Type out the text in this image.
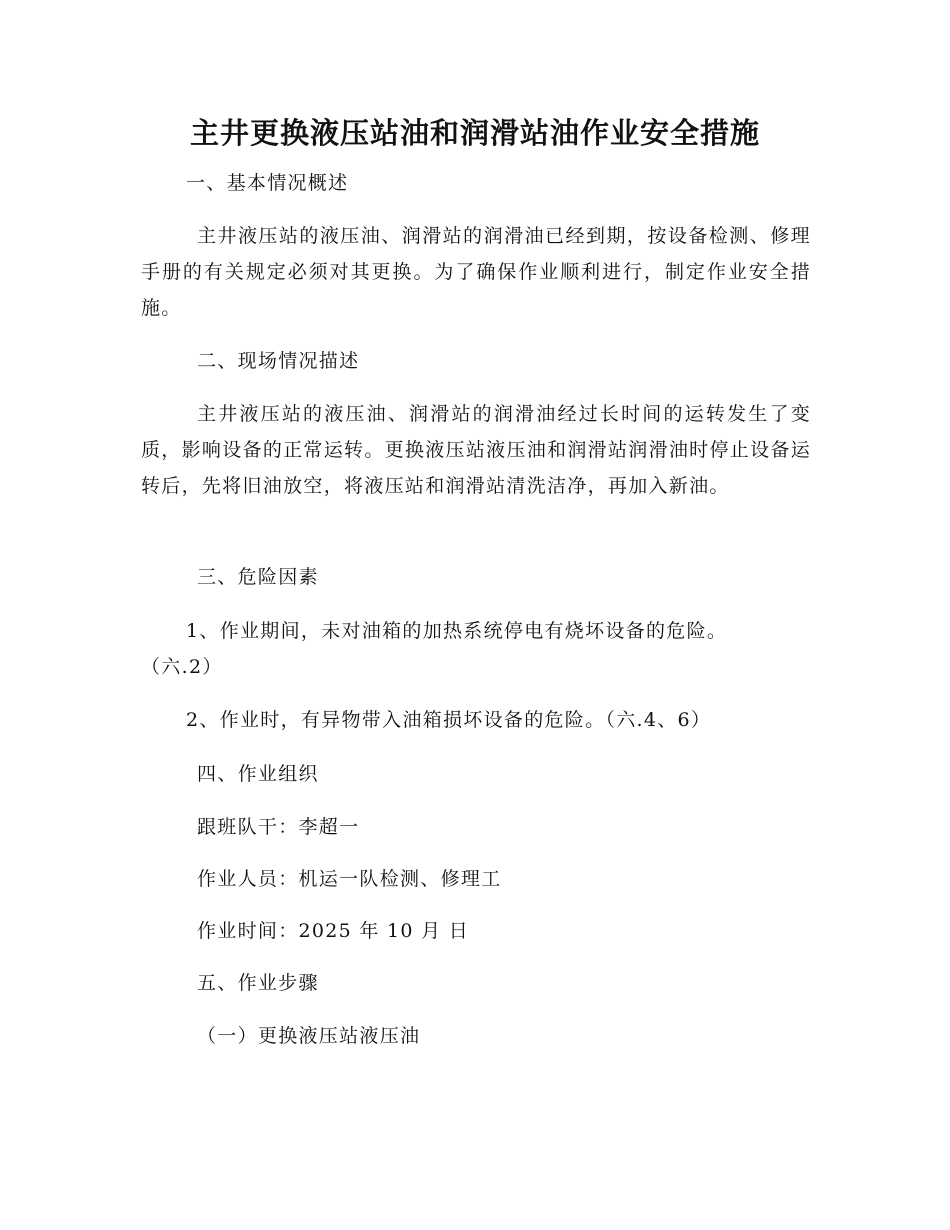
主井更换液压站油和润滑站油作业安全措施
一、基本情况概述
主井液压站的液压油、润滑站的润滑油已经到期，按设备检测、修理手册的有关规定必须对其更换。为了确保作业顺利进行，制定作业安全措施。
二、现场情况描述
主井液压站的液压油、润滑站的润滑油经过长时间的运转发生了变质，影响设备的正常运转。更换液压站液压油和润滑站润滑油时停止设备运转后，先将旧油放空，将液压站和润滑站清洗洁净，再加入新油。
三、危险因素
1、作业期间，未对油箱的加热系统停电有烧坏设备的危险。
（六.2）
2、作业时，有异物带入油箱损坏设备的危险。（六.4、6）
四、作业组织
跟班队干：李超一
作业人员：机运一队检测、修理工
作业时间：2025 年 10 月 日
五、作业步骤
（一）更换液压站液压油
